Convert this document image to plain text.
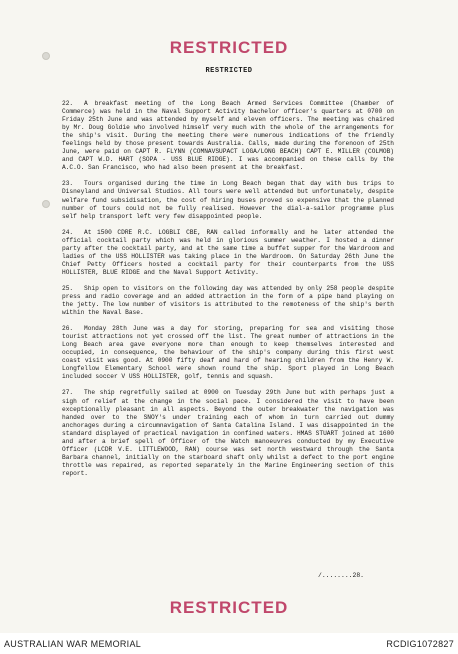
RESTRICTED
RESTRICTED

22. A breakfast meeting of the Long Beach Armed Services Committee (Chamber of Commerce) was held in the Naval Support Activity bachelor officer's quarters at 0700 on Friday 25th June and was attended by myself and eleven officers. The meeting was chaired by Mr. Doug Goldie who involved himself very much with the whole of the arrangements for the ship's visit. During the meeting there were numerous indications of the friendly feelings held by those present towards Australia. Calls, made during the forenoon of 25th June, were paid on CAPT R. FLYNN (COMNAVSUPACT LOGA/LONG BEACH) CAPT E. MILLER (COLMOB) and CAPT W.D. HART (SOPA - USS BLUE RIDGE). I was accompanied on these calls by the A.C.O. San Francisco, who had also been present at the breakfast.

23. Tours organised during the time in Long Beach began that day with bus trips to Disneyland and Universal Studios. All tours were well attended but unfortunately, despite welfare fund subsidisation, the cost of hiring buses proved so expensive that the planned number of tours could not be fully realised. However the dial-a-sailor programme plus self help transport left very few disappointed people.

24. At 1500 CDRE R.C. LOGBLI CBE, RAN called informally and he later attended the official cocktail party which was held in glorious summer weather. I hosted a dinner party after the cocktail party, and at the same time a buffet supper for the Wardroom and ladies of the USS HOLLISTER was taking place in the Wardroom. On Saturday 26th June the Chief Petty Officers hosted a cocktail party for their counterparts from the USS HOLLISTER, BLUE RIDGE and the Naval Support Activity.

25. Ship open to visitors on the following day was attended by only 258 people despite press and radio coverage and an added attraction in the form of a pipe band playing on the jetty. The low number of visitors is attributed to the remoteness of the ship's berth within the Naval Base.

26. Monday 28th June was a day for storing, preparing for sea and visiting those tourist attractions not yet crossed off the list. The great number of attractions in the Long Beach area gave everyone more than enough to keep themselves interested and occupied, in consequence, the behaviour of the ship's company during this first west coast visit was good. At 0900 fifty deaf and hard of hearing children from the Henry W. Longfellow Elementary School were shown round the ship. Sport played in Long Beach included soccer V USS HOLLISTER, golf, tennis and squash.

27. The ship regretfully sailed at 0900 on Tuesday 29th June but with perhaps just a sigh of relief at the change in the social pace. I considered the visit to have been exceptionally pleasant in all aspects. Beyond the outer breakwater the navigation was handed over to the SNOY's under training each of whom in turn carried out dummy anchorages during a circumnavigation of Santa Catalina Island. I was disappointed in the standard displayed of practical navigation in confined waters. HMAS STUART joined at 1600 and after a brief spell of Officer of the Watch manoeuvres conducted by my Executive Officer (LCDR V.E. LITTLEWOOD, RAN) course was set north westward through the Santa Barbara channel, initially on the starboard shaft only whilst a defect to the port engine throttle was repaired, as reported separately in the Marine Engineering section of this report.

/........28.
RESTRICTED
AUSTRALIAN WAR MEMORIAL	RCDIG1072827
